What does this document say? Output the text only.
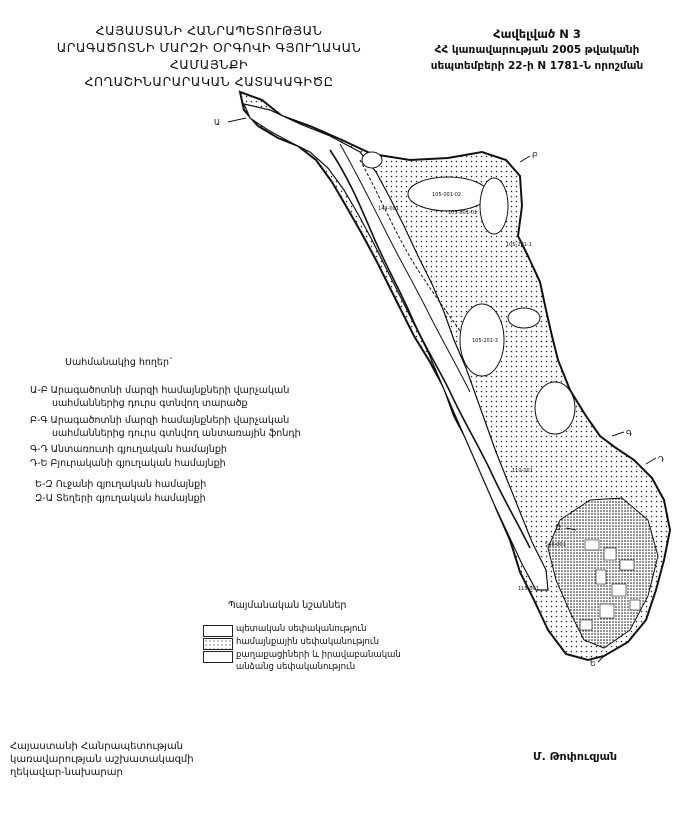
ՀԱՅԱՍՏԱՆԻ ՀԱՆՐԱՊԵՏՈՒԹՅԱՆ
ԱՐԱԳԱԾՈՏՆԻ ՄԱՐԶԻ ՕՐԳՈՎԻ ԳՅՈՒՂԱԿԱՆ ՀԱՄԱՅՆՔԻ
ՀՈՂԱՇԻՆԱՐԱՐԱԿԱՆ ՀԱՏԱԿԱԳԻԾԸ
Հավելված N 3
ՀՀ կառավարության 2005 թվականի
սեպտեմբերի 22-ի N 1781-Ն որոշման
105-001-02
105-001-01
105-201-3
105-201-1
110-001
144-001
115-001
548-001
Ա
Բ
Գ
Դ
Ե
Զ
Սահմանակից հողեր`
Ա-Բ Արագածոտնի մարզի համայնքների վարչական
սահմաններից դուրս գտնվող տարածք
Բ-Գ Արագածոտնի մարզի համայնքների վարչական
սահմաններից դուրս գտնվող անտառային ֆոնդի
Գ-Դ Անտառուտի գյուղական համայնքի
Դ-Ե Բյուրականի գյուղական համայնքի
Ե-Զ Ուջանի գյուղական համայնքի
Զ-Ա Տեղերի գյուղական համայնքի
Պայմանական նշաններ
պետական սեփականություն
համայնքային սեփականություն
քաղաքացիների և իրավաբանական
անձանց սեփականություն
Հայաստանի Հանրապետության
կառավարության աշխատակազմի
ղեկավար-նախարար
Մ. Թոփուզյան
